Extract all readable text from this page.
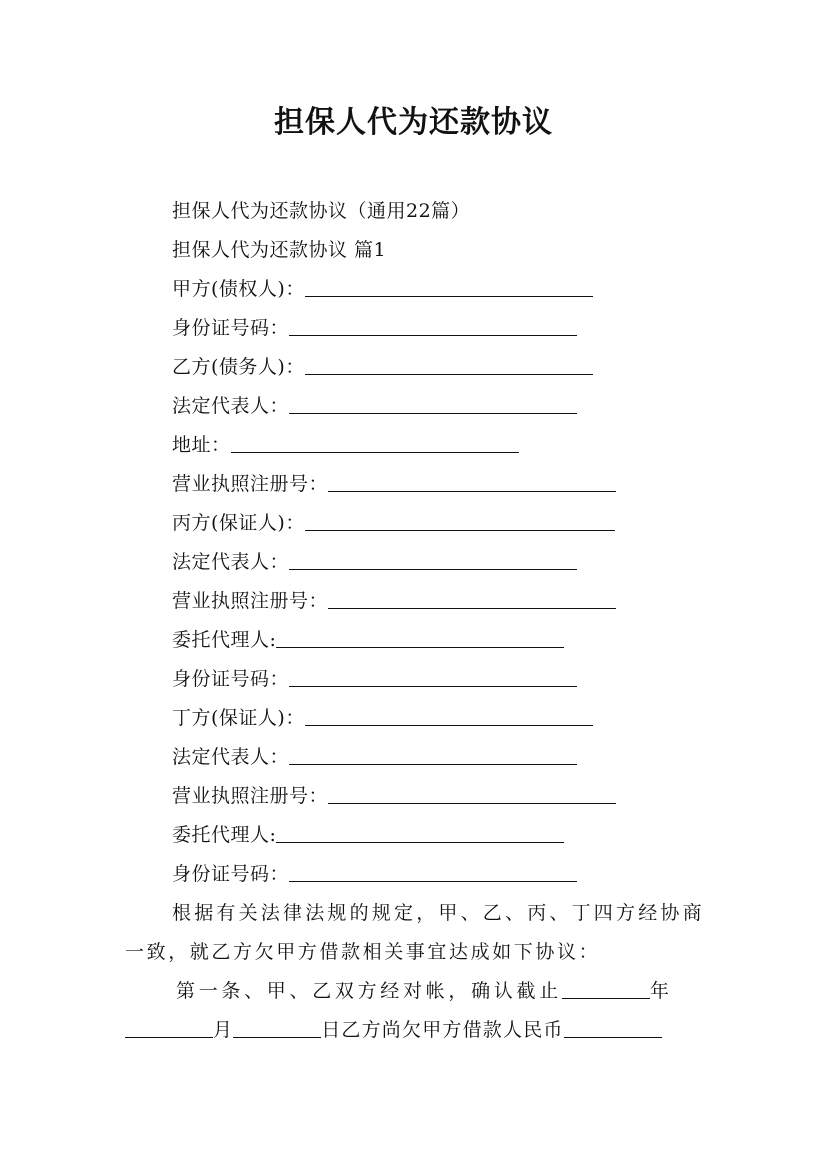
担保人代为还款协议
担保人代为还款协议（通用22篇）
担保人代为还款协议 篇1
甲方(债权人)：
身份证号码：
乙方(债务人)：
法定代表人：
地址：
营业执照注册号：
丙方(保证人)：
法定代表人：
营业执照注册号：
委托代理人:
身份证号码：
丁方(保证人)：
法定代表人：
营业执照注册号：
委托代理人:
身份证号码：
根据有关法律法规的规定，甲、乙、丙、丁四方经协商
一致，就乙方欠甲方借款相关事宜达成如下协议：
第一条、甲、乙双方经对帐，确认截止	年
月	日乙方尚欠甲方借款人民币
